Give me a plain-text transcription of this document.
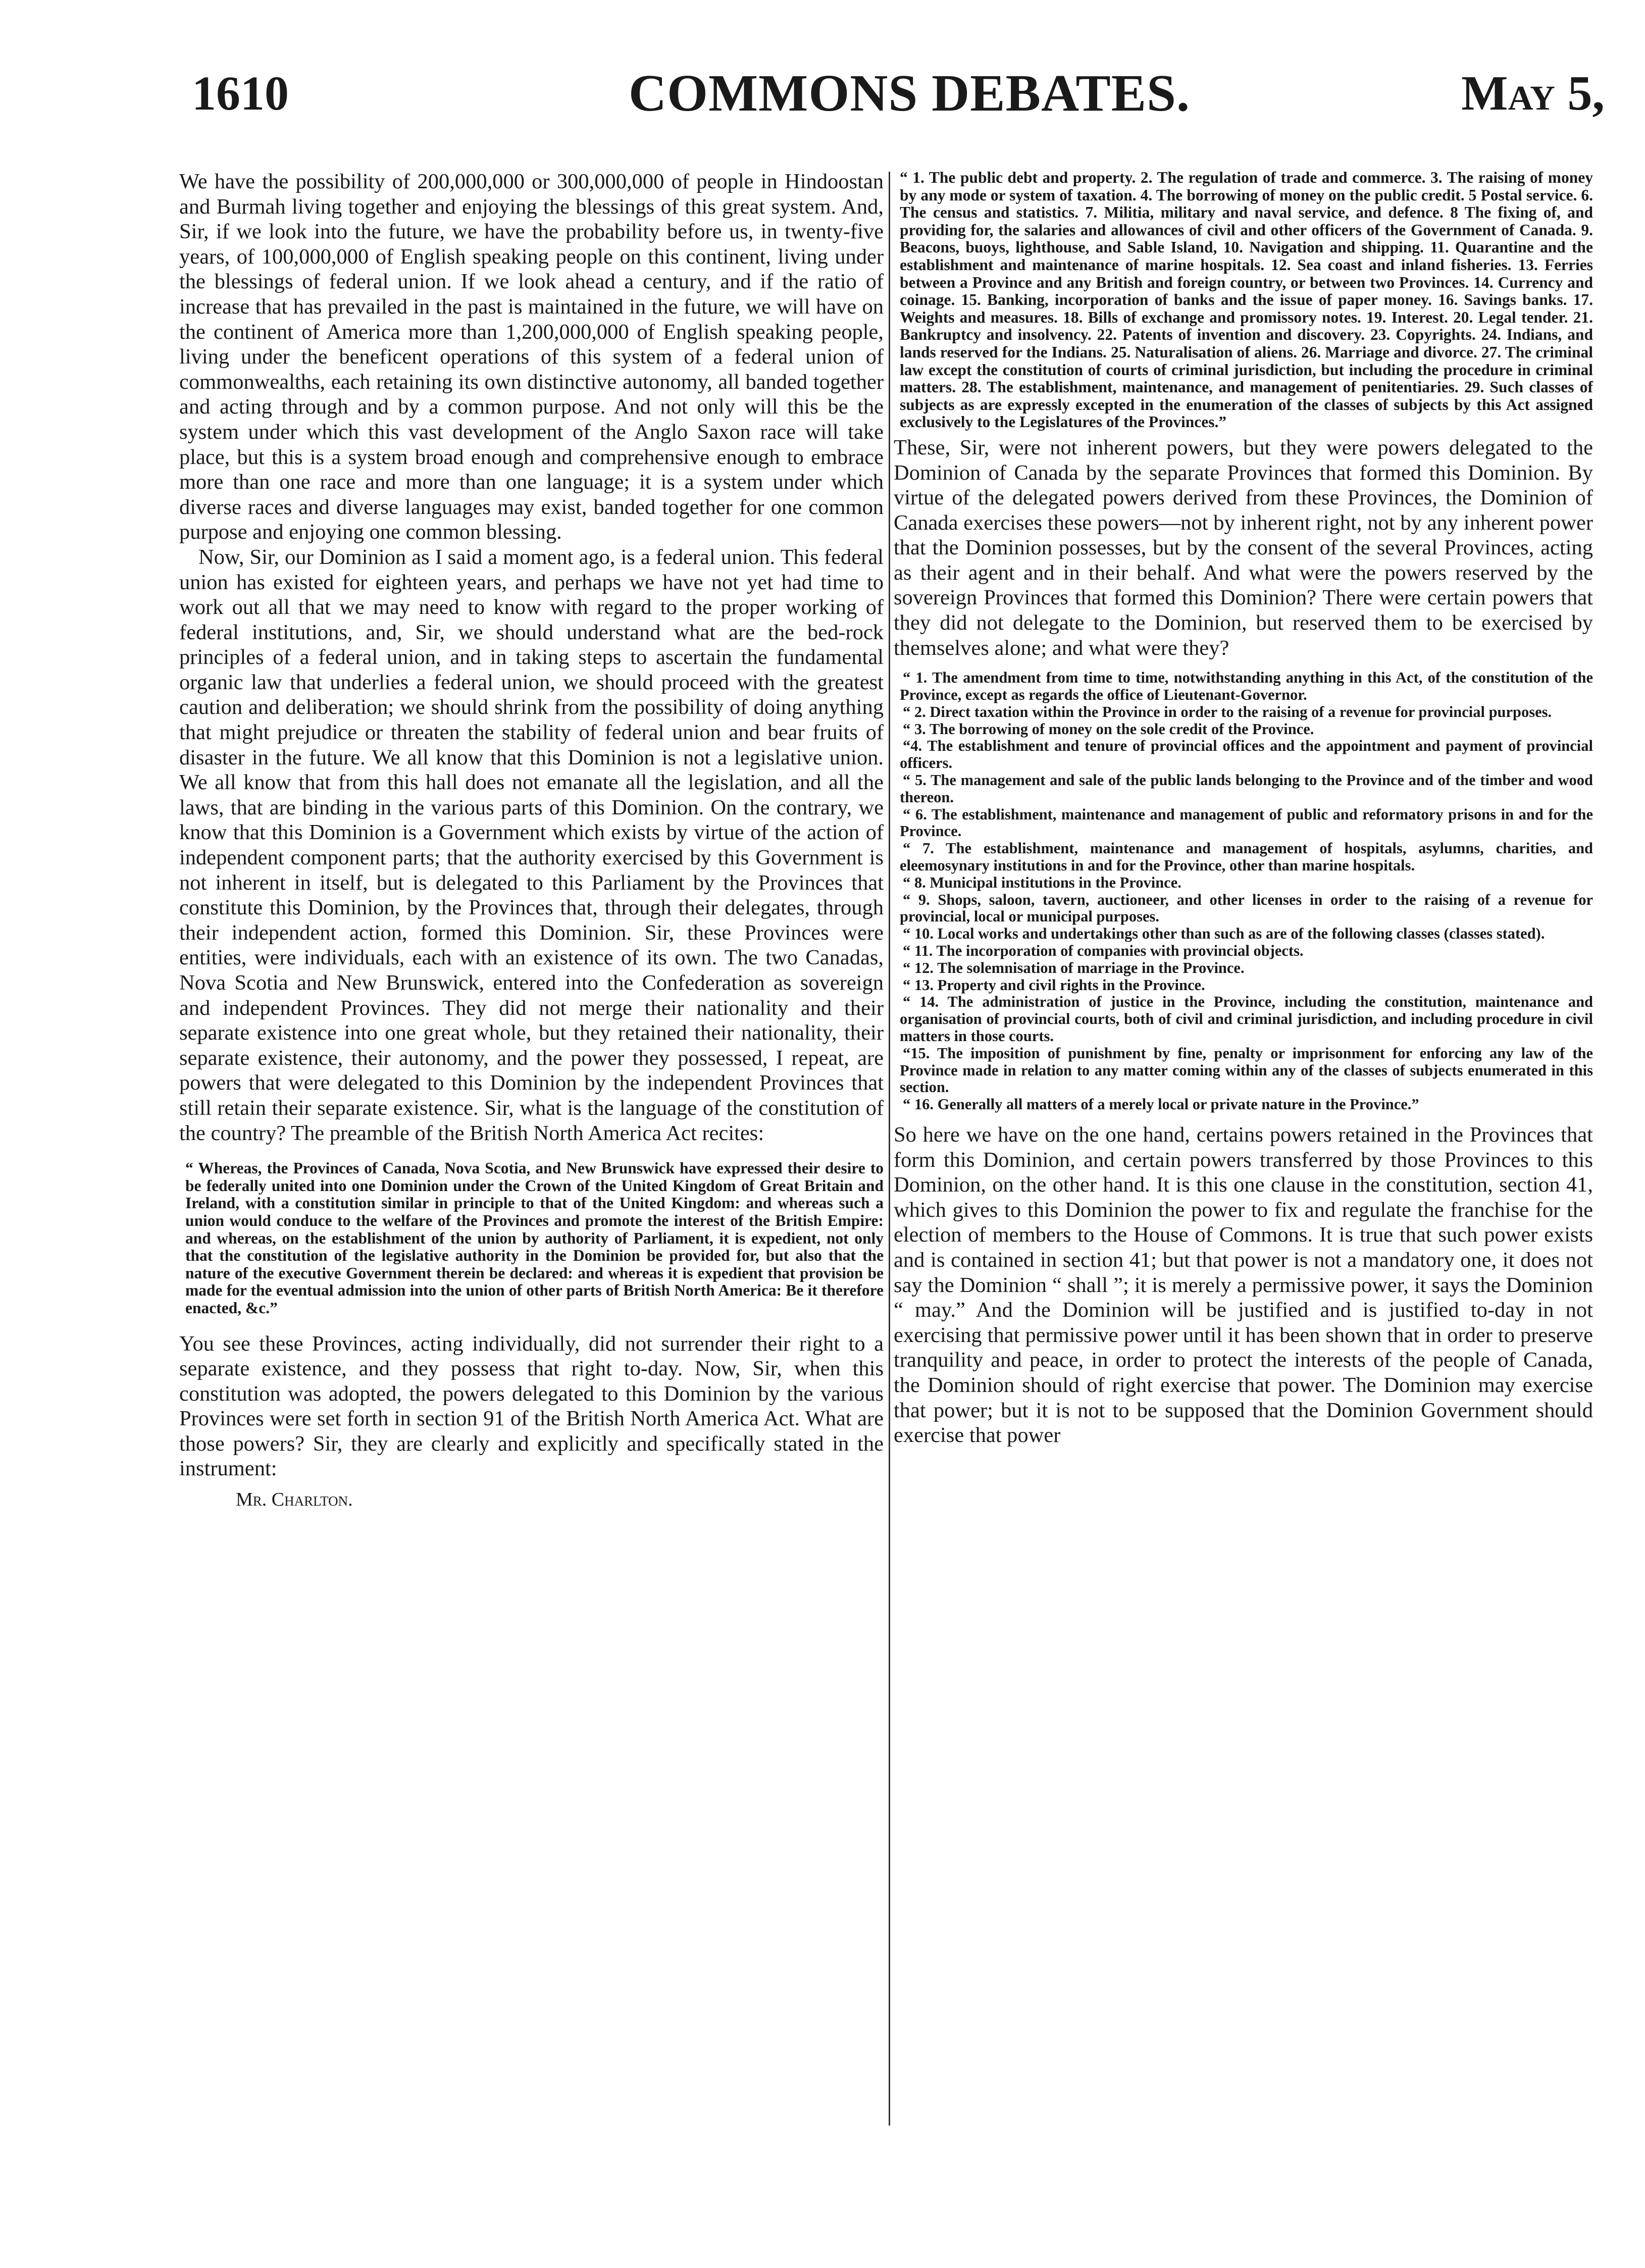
1610	COMMONS DEBATES.	May 5,

We have the possibility of 200,000,000 or 300,000,000 of people in Hindoostan and Burmah living together and enjoying the blessings of this great system. And, Sir, if we look into the future, we have the probability before us, in twenty-five years, of 100,000,000 of English speaking people on this continent, living under the blessings of federal union. If we look ahead a century, and if the ratio of increase that has prevailed in the past is maintained in the future, we will have on the continent of America more than 1,200,000,000 of English speaking people, living under the beneficent operations of this system of a federal union of commonwealths, each retaining its own distinctive autonomy, all banded together and acting through and by a common purpose. And not only will this be the system under which this vast development of the Anglo Saxon race will take place, but this is a system broad enough and comprehensive enough to embrace more than one race and more than one language; it is a system under which diverse races and diverse languages may exist, banded together for one common purpose and enjoying one common blessing.

Now, Sir, our Dominion as I said a moment ago, is a federal union. This federal union has existed for eighteen years, and perhaps we have not yet had time to work out all that we may need to know with regard to the proper working of federal institutions, and, Sir, we should understand what are the bed-rock principles of a federal union, and in taking steps to ascertain the fundamental organic law that underlies a federal union, we should proceed with the greatest caution and deliberation; we should shrink from the possibility of doing anything that might prejudice or threaten the stability of federal union and bear fruits of disaster in the future. We all know that this Dominion is not a legislative union. We all know that from this hall does not emanate all the legislation, and all the laws, that are binding in the various parts of this Dominion. On the contrary, we know that this Dominion is a Government which exists by virtue of the action of independent component parts; that the authority exercised by this Government is not inherent in itself, but is delegated to this Parliament by the Provinces that constitute this Dominion, by the Provinces that, through their delegates, through their independent action, formed this Dominion. Sir, these Provinces were entities, were individuals, each with an existence of its own. The two Canadas, Nova Scotia and New Brunswick, entered into the Confederation as sovereign and independent Provinces. They did not merge their nationality and their separate existence into one great whole, but they retained their nationality, their separate existence, their autonomy, and the power they possessed, I repeat, are powers that were delegated to this Dominion by the independent Provinces that still retain their separate existence. Sir, what is the language of the constitution of the country? The preamble of the British North America Act recites:

“ Whereas, the Provinces of Canada, Nova Scotia, and New Brunswick have expressed their desire to be federally united into one Dominion under the Crown of the United Kingdom of Great Britain and Ireland, with a constitution similar in principle to that of the United Kingdom: and whereas such a union would conduce to the welfare of the Provinces and promote the interest of the British Empire: and whereas, on the establishment of the union by authority of Parliament, it is expedient, not only that the constitution of the legislative authority in the Dominion be provided for, but also that the nature of the executive Government therein be declared: and whereas it is expedient that provision be made for the eventual admission into the union of other parts of British North America: Be it therefore enacted, &c.”

You see these Provinces, acting individually, did not surrender their right to a separate existence, and they possess that right to-day. Now, Sir, when this constitution was adopted, the powers delegated to this Dominion by the various Provinces were set forth in section 91 of the British North America Act. What are those powers? Sir, they are clearly and explicitly and specifically stated in the instrument:

Mr. Charlton.

“ 1. The public debt and property. 2. The regulation of trade and commerce. 3. The raising of money by any mode or system of taxation. 4. The borrowing of money on the public credit. 5 Postal service. 6. The census and statistics. 7. Militia, military and naval service, and defence. 8 The fixing of, and providing for, the salaries and allowances of civil and other officers of the Government of Canada. 9. Beacons, buoys, lighthouse, and Sable Island, 10. Navigation and shipping. 11. Quarantine and the establishment and maintenance of marine hospitals. 12. Sea coast and inland fisheries. 13. Ferries between a Province and any British and foreign country, or between two Provinces. 14. Currency and coinage. 15. Banking, incorporation of banks and the issue of paper money. 16. Savings banks. 17. Weights and measures. 18. Bills of exchange and promissory notes. 19. Interest. 20. Legal tender. 21. Bankruptcy and insolvency. 22. Patents of invention and discovery. 23. Copyrights. 24. Indians, and lands reserved for the Indians. 25. Naturalisation of aliens. 26. Marriage and divorce. 27. The criminal law except the constitution of courts of criminal jurisdiction, but including the procedure in criminal matters. 28. The establishment, maintenance, and management of penitentiaries. 29. Such classes of subjects as are expressly excepted in the enumeration of the classes of subjects by this Act assigned exclusively to the Legislatures of the Provinces.”

These, Sir, were not inherent powers, but they were powers delegated to the Dominion of Canada by the separate Provinces that formed this Dominion. By virtue of the delegated powers derived from these Provinces, the Dominion of Canada exercises these powers—not by inherent right, not by any inherent power that the Dominion possesses, but by the consent of the several Provinces, acting as their agent and in their behalf. And what were the powers reserved by the sovereign Provinces that formed this Dominion? There were certain powers that they did not delegate to the Dominion, but reserved them to be exercised by themselves alone; and what were they?

“ 1. The amendment from time to time, notwithstanding anything in this Act, of the constitution of the Province, except as regards the office of Lieutenant-Governor.

“ 2. Direct taxation within the Province in order to the raising of a revenue for provincial purposes.

“ 3. The borrowing of money on the sole credit of the Province.

“4. The establishment and tenure of provincial offices and the appointment and payment of provincial officers.

“ 5. The management and sale of the public lands belonging to the Province and of the timber and wood thereon.

“ 6. The establishment, maintenance and management of public and reformatory prisons in and for the Province.

“ 7. The establishment, maintenance and management of hospitals, asylumns, charities, and eleemosynary institutions in and for the Province, other than marine hospitals.

“ 8. Municipal institutions in the Province.

“ 9. Shops, saloon, tavern, auctioneer, and other licenses in order to the raising of a revenue for provincial, local or municipal purposes.

“ 10. Local works and undertakings other than such as are of the following classes (classes stated).

“ 11. The incorporation of companies with provincial objects.

“ 12. The solemnisation of marriage in the Province.

“ 13. Property and civil rights in the Province.

“ 14. The administration of justice in the Province, including the constitution, maintenance and organisation of provincial courts, both of civil and criminal jurisdiction, and including procedure in civil matters in those courts.

“15. The imposition of punishment by fine, penalty or imprisonment for enforcing any law of the Province made in relation to any matter coming within any of the classes of subjects enumerated in this section.

“ 16. Generally all matters of a merely local or private nature in the Province.”

So here we have on the one hand, certains powers retained in the Provinces that form this Dominion, and certain powers transferred by those Provinces to this Dominion, on the other hand. It is this one clause in the constitution, section 41, which gives to this Dominion the power to fix and regulate the franchise for the election of members to the House of Commons. It is true that such power exists and is contained in section 41; but that power is not a mandatory one, it does not say the Dominion “ shall ”; it is merely a permissive power, it says the Dominion “ may.” And the Dominion will be justified and is justified to-day in not exercising that permissive power until it has been shown that in order to preserve tranquility and peace, in order to protect the interests of the people of Canada, the Dominion should of right exercise that power. The Dominion may exercise that power; but it is not to be supposed that the Dominion Government should exercise that power
